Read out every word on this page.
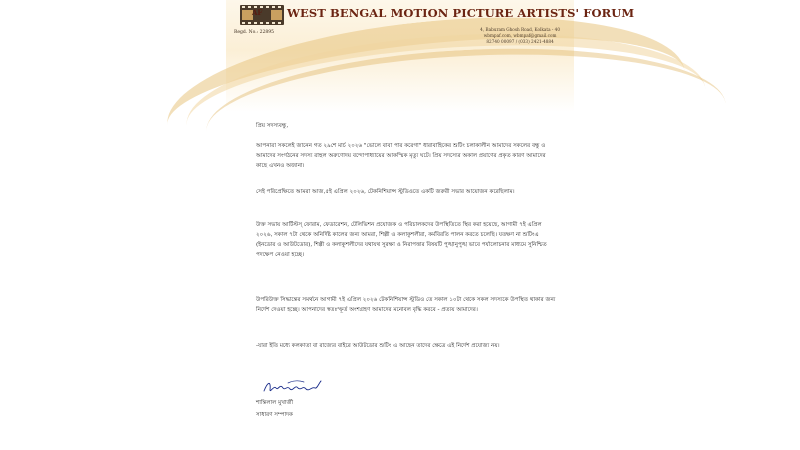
AF WEST BENGAL MOTION PICTURE ARTISTS' FORUM
Regd. No.: 22895
4, Baburam Ghosh Road, Kolkata - 40
wbmpaf.com, wbmpaf@gmail.com
82740 00097 / (033) 2421-4884
প্রিয় সদস্যবন্ধু,
আপনারা সকলেই জানেন গত ২৯শে মার্চ ২০২৬ "ভোলে বাবা পার করেগা" ধারাবাহিকের শুটিং চলাকালীন আমাদের সকলের বন্ধু ও আমাদের সংগঠনের সদস্য রাহুল অরুণোদয় বন্দোপাধ্যায়ের আকস্মিক মৃত্যু ঘটে। প্রিয় সদস্যের অকাল প্রয়াণের প্রকৃত কারণ আমাদের কাছে এখনও অজানা।
সেই পরিপ্রেক্ষিতে আমরা আজ,৫ই এপ্রিল ২০২৬, টেকনিশিয়ান্স স্টুডিওতে একটি জরুরী সভার আয়োজন করেছিলাম।
উক্ত সভায় আর্টিস্টস্ ফোরাম, ফেডারেশন, টেলিভিশন প্রযোজক ও পরিচালকদের উপস্থিতিতে স্থির করা হয়েছে, আগামী ৭ই এপ্রিল ২০২৬, সকাল ৭টা থেকে অনির্দিষ্ট কালের জন্য আমরা, শিল্পী ও কলাকুশলীরা, কর্মবিরতি পালন করতে চলেছি। যতক্ষণ না শুটিংএ (ইনডোর ও আউটডোর), শিল্পী ও কলাকুশলীদের যথাযথ সুরক্ষা ও নিরাপত্তার বিষয়টি পুঙ্খানুপুঙ্খ ভাবে পর্যালোচনার মাধ্যমে সুনিশ্চিত পদক্ষেপ নেওয়া হচ্ছে।
উপরিউক্ত সিদ্ধান্তের সমর্থনে আগামী ৭ই এপ্রিল ২০২৬ টেকনিশিয়ান্স স্টুডিও তে সকাল ১০টা থেকে সকল সদস্যকে উপস্থিত থাকার জন্য নির্দেশ দেওয়া হচ্ছে। আপনাদের স্বতঃস্ফূর্ত অংশগ্রহণ আমাদের মনোবল বৃদ্ধি করবে - প্রত্যয় আমাদের।
-যারা ইতি মধ্যে কলকাতা বা রাজ্যের বাইরে আউটডোর শুটিং এ আছেন তাদের ক্ষেত্রে এই নির্দেশ প্রযোজ্য নয়।
শান্তিলাল মুখার্জী
সাধারণ সম্পাদক
